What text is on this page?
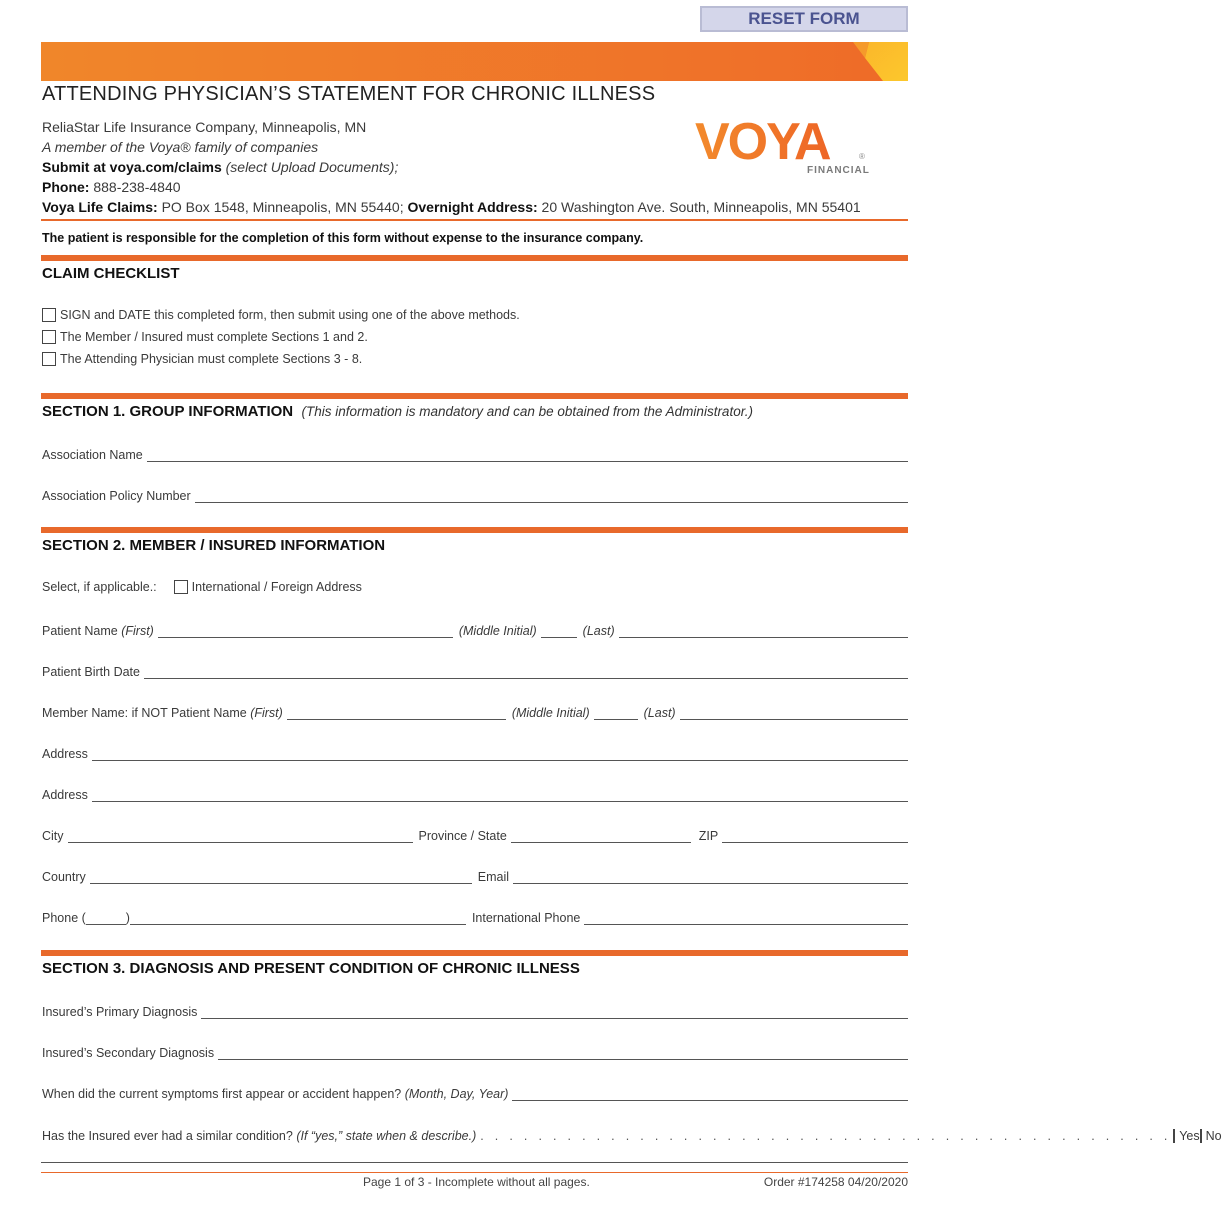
RESET FORM
ATTENDING PHYSICIAN’S STATEMENT FOR CHRONIC ILLNESS
ReliaStar Life Insurance Company, Minneapolis, MN
A member of the Voya® family of companies
Submit at voya.com/claims (select Upload Documents);
Phone: 888-238-4840
Voya Life Claims: PO Box 1548, Minneapolis, MN 55440; Overnight Address: 20 Washington Ave. South, Minneapolis, MN 55401
VOYA	®
FINANCIAL
The patient is responsible for the completion of this form without expense to the insurance company.
CLAIM CHECKLIST
SIGN and DATE this completed form, then submit using one of the above methods.
The Member / Insured must complete Sections 1 and 2.
The Attending Physician must complete Sections 3 - 8.
SECTION 1. GROUP INFORMATION (This information is mandatory and can be obtained from the Administrator.)
Association Name
Association Policy Number
SECTION 2. MEMBER / INSURED INFORMATION
Select, if applicable.:	International / Foreign Address
Patient Name (First)	(Middle Initial)	(Last)
Patient Birth Date
Member Name: if NOT Patient Name (First)	(Middle Initial)	(Last)
Address
Address
City	Province / State	ZIP
Country	Email
Phone (	)	International Phone
SECTION 3. DIAGNOSIS AND PRESENT CONDITION OF CHRONIC ILLNESS
Insured’s Primary Diagnosis
Insured’s Secondary Diagnosis
When did the current symptoms first appear or accident happen? (Month, Day, Year)
Has the Insured ever had a similar condition? (If “yes,” state when & describe.) . . . . . . . . . . . . . . . . . . . . . . . . . . . . . . . . . . . . . . . . . . . . . . . . Yes No
Page 1 of 3 - Incomplete without all pages.	Order #174258 04/20/2020
